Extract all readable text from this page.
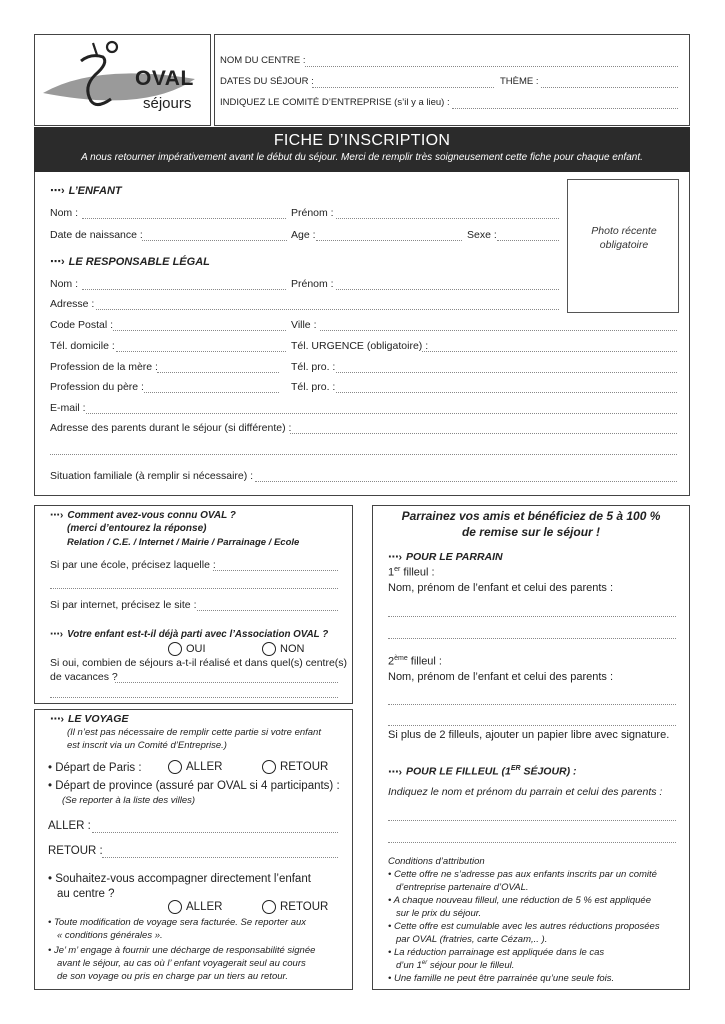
OVAL
séjours
NOM DU CENTRE :
DATES DU SÉJOUR :	THÈME :
INDIQUEZ LE COMITÉ D’ENTREPRISE (s’il y a lieu) :
FICHE D’INSCRIPTION
A nous retourner impérativement avant le début du séjour. Merci de remplir très soigneusement cette fiche pour chaque enfant.
⋯› L’ENFANT
Nom :	Prénom :
Date de naissance :	Age :	Sexe :	Photo récente obligatoire
⋯› LE RESPONSABLE LÉGAL
Nom :	Prénom :
Adresse :
Code Postal :	Ville :
Tél. domicile :	Tél. URGENCE (obligatoire) :
Profession de la mère :	Tél. pro. :
Profession du père :	Tél. pro. :
E-mail :
Adresse des parents durant le séjour (si différente) :
Situation familiale (à remplir si nécessaire) :
⋯› Comment avez-vous connu OVAL ?
(merci d’entourez la réponse)
Relation / C.E. / Internet / Mairie / Parrainage / Ecole
Si par une école, précisez laquelle :
Si par internet, précisez le site :
⋯› Votre enfant est-t-il déjà parti avec l’Association OVAL ?
OUI	NON
Si oui, combien de séjours a-t-il réalisé et dans quel(s) centre(s)
de vacances ?
⋯› LE VOYAGE
(Il n’est pas nécessaire de remplir cette partie si votre enfant
est inscrit via un Comité d’Entreprise.)
• Départ de Paris :	ALLER	RETOUR
• Départ de province (assuré par OVAL si 4 participants) :
(Se reporter à la liste des villes)
ALLER :
RETOUR :
• Souhaitez-vous accompagner directement l’enfant
au centre ?
ALLER	RETOUR
• Toute modification de voyage sera facturée. Se reporter aux
« conditions générales ».
• Je’ m’ engage à fournir une décharge de responsabilité signée
avant le séjour, au cas où l’ enfant voyagerait seul au cours
de son voyage ou pris en charge par un tiers au retour.
Parrainez vos amis et bénéficiez de 5 à 100 %
de remise sur le séjour !
⋯› POUR LE PARRAIN
1er filleul :
Nom, prénom de l’enfant et celui des parents :
2ème filleul :
Nom, prénom de l’enfant et celui des parents :
Si plus de 2 filleuls, ajouter un papier libre avec signature.
⋯› POUR LE FILLEUL (1ER SÉJOUR) :
Indiquez le nom et prénom du parrain et celui des parents :
Conditions d’attribution
• Cette offre ne s’adresse pas aux enfants inscrits par un comité
d’entreprise partenaire d’OVAL.
• A chaque nouveau filleul, une réduction de 5 % est appliquée
sur le prix du séjour.
• Cette offre est cumulable avec les autres réductions proposées
par OVAL (fratries, carte Cézam,.. ).
• La réduction parrainage est appliquée dans le cas
d’un 1er séjour pour le filleul.
• Une famille ne peut être parrainée qu’une seule fois.
